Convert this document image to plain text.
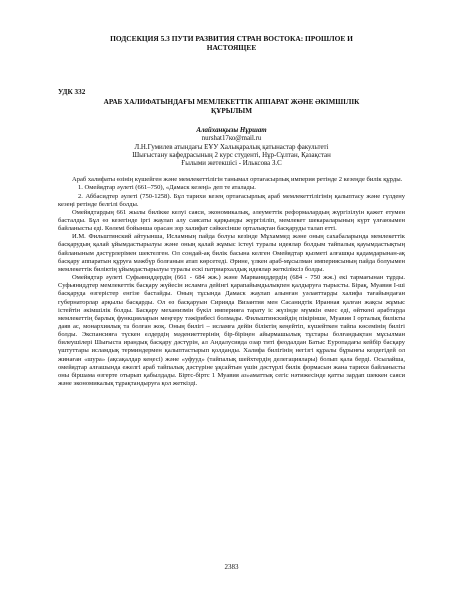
ПОДСЕКЦИЯ 5.3 ПУТИ РАЗВИТИЯ СТРАН ВОСТОКА: ПРОШЛОЕ И
НАСТОЯЩЕЕ
УДК 332
АРАБ ХАЛИФАТЫНДАҒЫ МЕМЛЕКЕТТІК АППАРАТ ЖӘНЕ ӘКІМШІЛІК
ҚҰРЫЛЫМ
Алайханқызы Нұршат
nurshat17ко@mail.ru
Л.Н.Гумилев атындағы ЕҰУ Халықаралық қатынастар факультеті
Шығыстану кафедрасының 2 курс студенті, Нұр-Сұлтан, Қазақстан
Ғылыми жетекшісі - Ильксова З.С

Араб халифаты өзінің күшейген және мемлекеттілігін танымал ортағасырлық империя ретінде 2 кезеңде билік құрды.

1. Омейядтар әулеті (661–750), «Дамаск кезеңі» деп те аталады.

2. Аббасидтер әулеті (750-1258). Бұл тарихи кезең ортағасырлық араб мемлекеттілігінің қалыптасу және гүлдену кезеңі ретінде белгілі болды.

Омейядтардың 661 жылы билікке келуі саяси, экономикалық, әлеуметтік реформалардың жүргізілуін қажет етумен басталды. Бұл өз кезегінде іргі жаулап алу саясаты қарқынды жүргізіліп, мемлекет шекараларының күрт үлғаюымен байланысты еді. Көлемі бойынша орасан зор халифат сәйкесінше орталықтан басқаруды талап етті.

И.М. Фильштинский айтуынша, Исламның пайда болуы кезінде Мұхаммед және оның сахабаларында мемлекеттік басқарудың қалай ұйымдастырылуы және оның қалай жұмыс істеуі туралы идеялар болдым тайпалық қауымдастықтың байланыным дәстүрлерімен шектелген. Ол сондай-ақ билік басына келген Омейядтар қызметі алғашқы қадамдарынан-ақ басқару аппаратын құруға мәжбүр болғанын атап көрсетеді. Әрине, үлкен араб-мұсылман империясының пайда болуымен мемлекеттік биліктің ұйымдастырылуы туралы ескі патриархалдық идеялар жеткіліксіз болды.

Омейядтар әулеті Суфьяниддердің (661 - 684 жж.) және Марваниддердің (684 - 750 жж.) екі тармағынан тұрды. Суфьяниддтер мемлекеттік басқару жүйесін исламға дейінгі қарапайымдылықпен қалдыруға тырысты. Бірақ, Муавия I-ші басқаруда өзгерістер енгізе бастайды. Оның тұсында Дамаск жаулап алынған уәлаяттарды халифа тағайындаған губернаторлар арқылы басқарды. Ол өз басқаруын Сирияда Византия мен Сасанидтік Иранная қалған жақсы жұмыс істейтін әкімшілік болды. Басқару механизмін бүкіл империяға тарату іс жүзінде мүмкін емес еді, өйткені арабтарда мемлекеттің барлық функцияларын меңгеру тәжірибесі болмады. Фильштинскийдің пікірінше, Муавия І орталық билікты даяв ас, монархиялық та болған жоқ. Оның билігі – исламға дейін біліктің кеңейтіп, күшейткен тайпа көсемінің билігі болды. Экспансияға түскен елдердің мәдениеттерінің бір-біріңен айырмашылық тұстары болғандықтан мұсылман билеушілері Шығыста ирандық басқару дәстүрін, ал Андалусияда озар титі феодалдан Батыс Еуропадағы кейбір басқару үштуттары исламдық терминдермен қалыптастырып қолданды. Халифа билігінің негізгі құралы бұрынғы кездегідей ол жинаған «шура» (ақсақалдар кеңесі) және «уфууд» (тайпалық шейхтердің делегациялары) болып қала берді. Осылайша, омейядтар алғашында ежелгі араб тайпалық дәстүріне ұқсайтын үшін дәстүрлі билік формасын жана тарихи байланысты оны біршама өзгерте отырып қабылдады. Біртс-біртс 1 Муавия аз»аматтық сегіс нәтижесінде қатты зардап шеккен саяси және экономикалық тұрақтандыруға қол жеткізді.

2383
